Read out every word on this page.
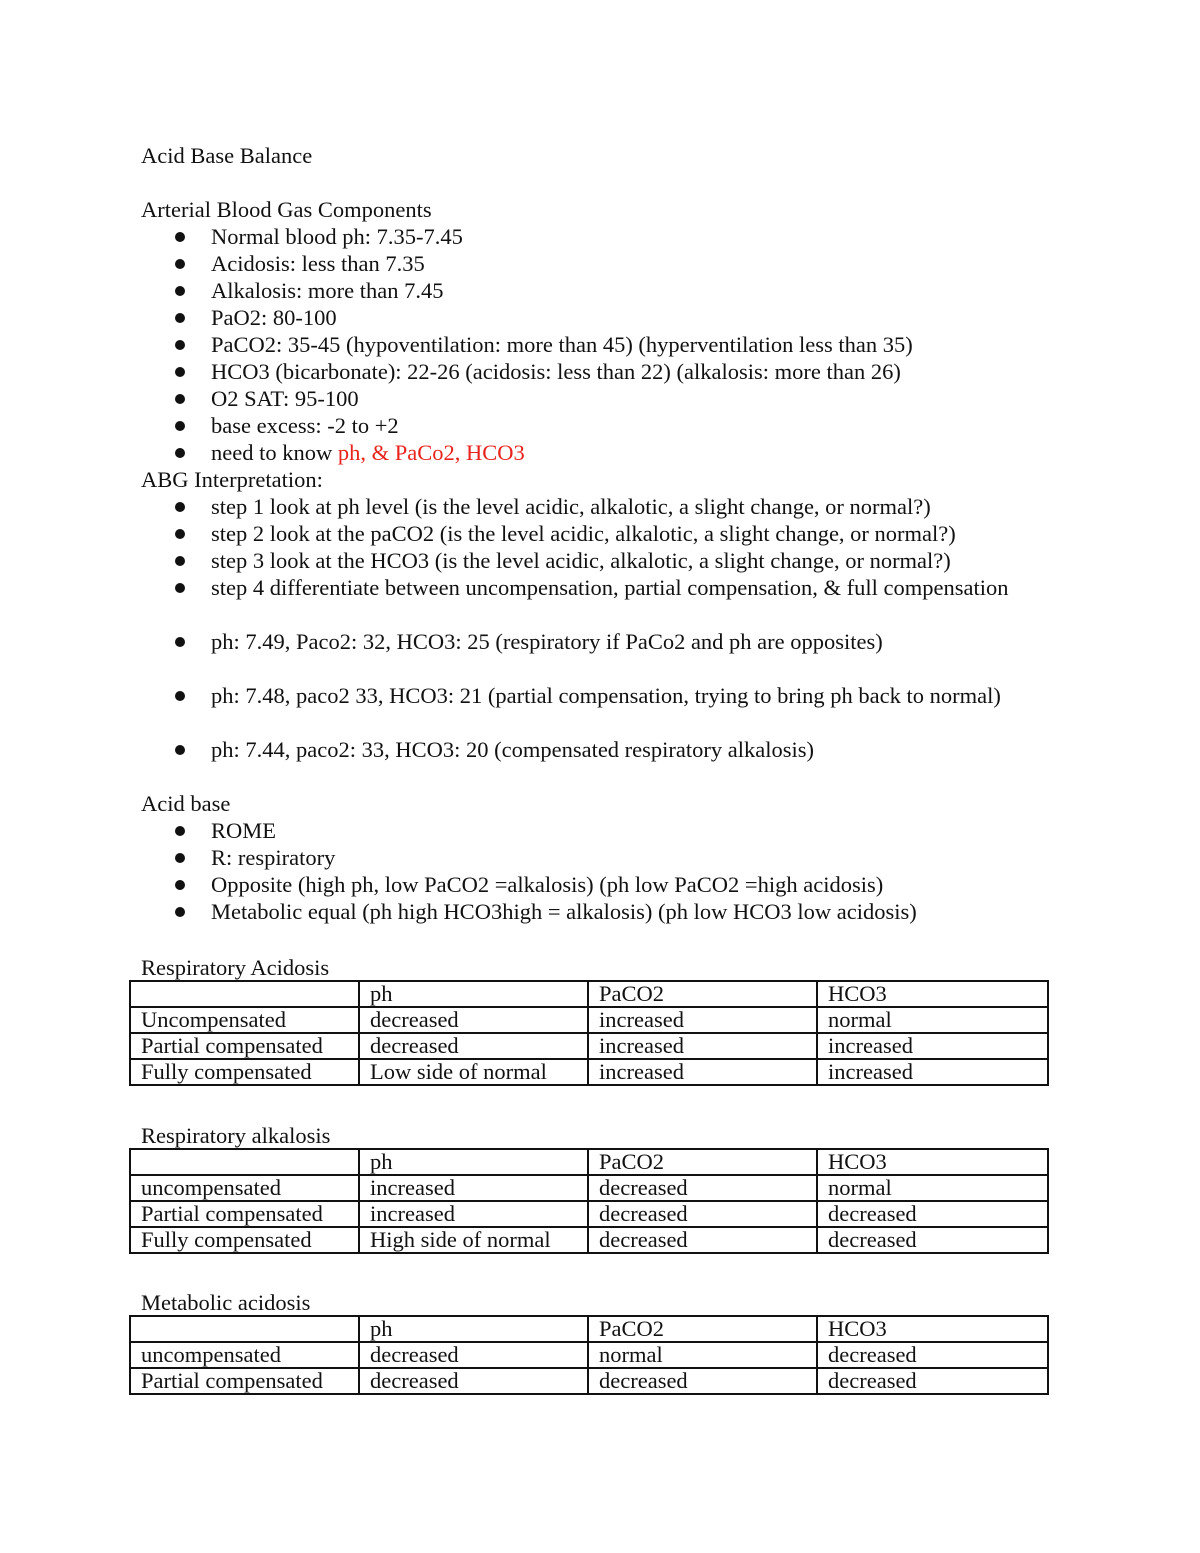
Acid Base Balance
Arterial Blood Gas Components
Normal blood ph: 7.35-7.45
Acidosis: less than 7.35
Alkalosis: more than 7.45
PaO2: 80-100
PaCO2: 35-45 (hypoventilation: more than 45) (hyperventilation less than 35)
HCO3 (bicarbonate): 22-26 (acidosis: less than 22) (alkalosis: more than 26)
O2 SAT: 95-100
base excess: -2 to +2
need to know ph, & PaCo2, HCO3
ABG Interpretation:
step 1 look at ph level (is the level acidic, alkalotic, a slight change, or normal?)
step 2 look at the paCO2 (is the level acidic, alkalotic, a slight change, or normal?)
step 3 look at the HCO3 (is the level acidic, alkalotic, a slight change, or normal?)
step 4 differentiate between uncompensation, partial compensation, & full compensation
ph: 7.49, Paco2: 32, HCO3: 25 (respiratory if PaCo2 and ph are opposites)
ph: 7.48, paco2 33, HCO3: 21 (partial compensation, trying to bring ph back to normal)
ph: 7.44, paco2: 33, HCO3: 20 (compensated respiratory alkalosis)
Acid base
ROME
R: respiratory
Opposite (high ph, low PaCO2 =alkalosis) (ph low PaCO2 =high acidosis)
Metabolic equal (ph high HCO3high = alkalosis) (ph low HCO3 low acidosis)
Respiratory Acidosis
	ph	PaCO2	HCO3
Uncompensated	decreased	increased	normal
Partial compensated	decreased	increased	increased
Fully compensated	Low side of normal	increased	increased
Respiratory alkalosis
	ph	PaCO2	HCO3
uncompensated	increased	decreased	normal
Partial compensated	increased	decreased	decreased
Fully compensated	High side of normal	decreased	decreased
Metabolic acidosis
	ph	PaCO2	HCO3
uncompensated	decreased	normal	decreased
Partial compensated	decreased	decreased	decreased
